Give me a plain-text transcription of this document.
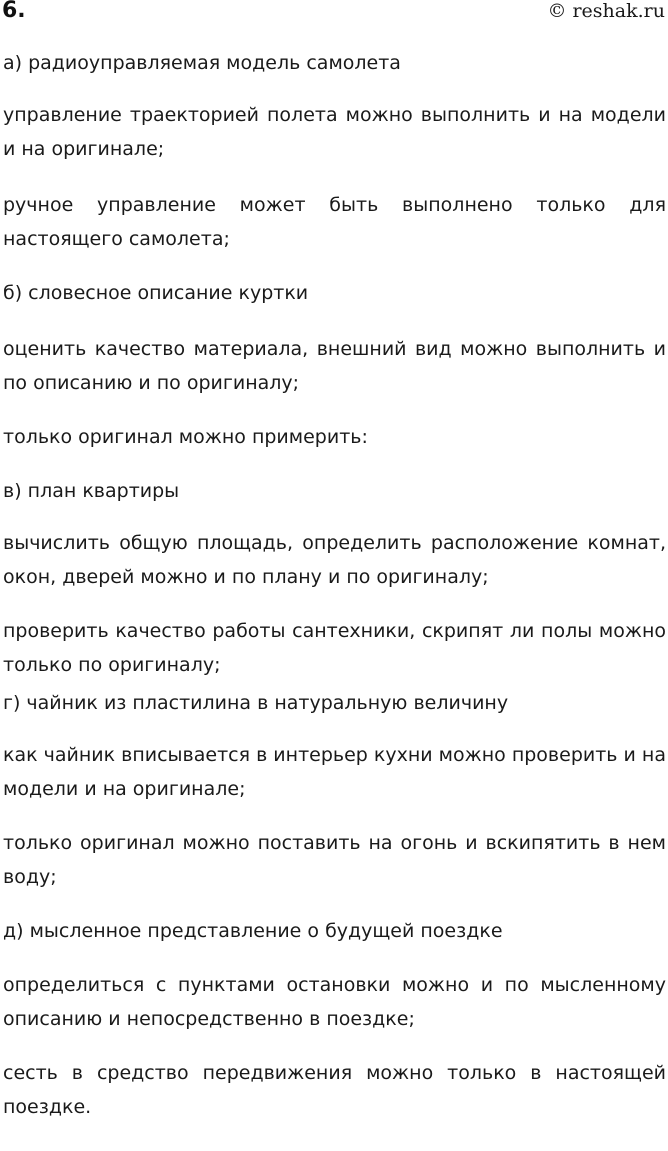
6.	© reshak.ru

а) радиоуправляемая модель самолета

управление траекторией полета можно выполнить и на модели и на оригинале;

ручное управление может быть выполнено только для настоящего самолета;

б) словесное описание куртки

оценить качество материала, внешний вид можно выполнить и по описанию и по оригиналу;

только оригинал можно примерить:

в) план квартиры

вычислить общую площадь, определить расположение комнат, окон, дверей можно и по плану и по оригиналу;

проверить качество работы сантехники, скрипят ли полы можно только по оригиналу;

г) чайник из пластилина в натуральную величину

как чайник вписывается в интерьер кухни можно проверить и на модели и на оригинале;

только оригинал можно поставить на огонь и вскипятить в нем воду;

д) мысленное представление о будущей поездке

определиться с пунктами остановки можно и по мысленному описанию и непосредственно в поездке;

сесть в средство передвижения можно только в настоящей поездке.
